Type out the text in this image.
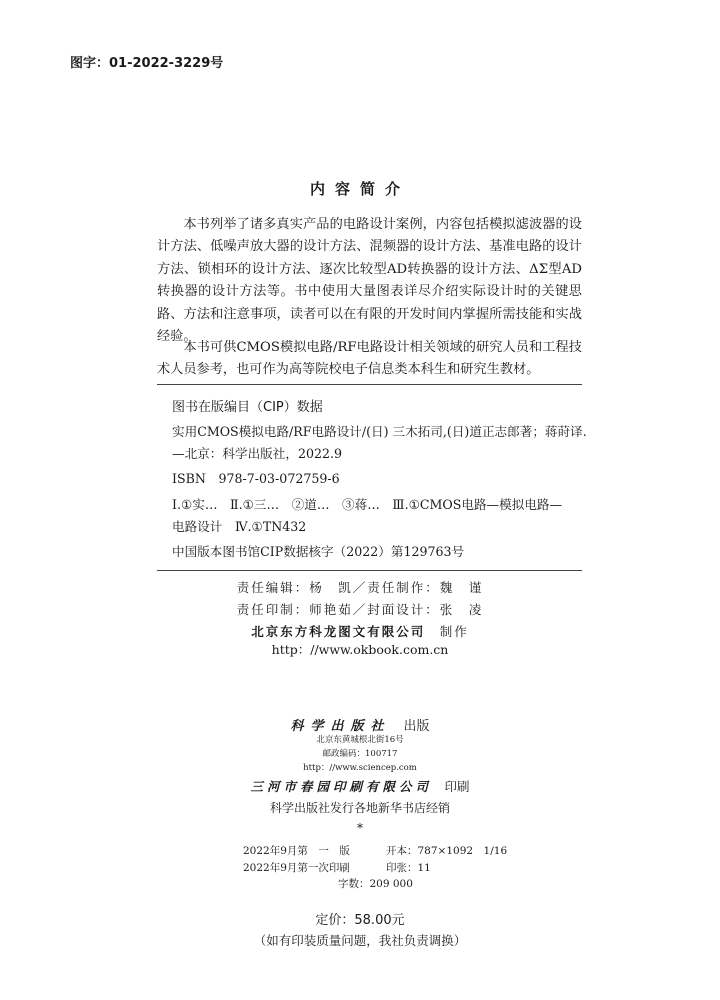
图字：01-2022-3229号
内容简介

本书列举了诸多真实产品的电路设计案例，内容包括模拟滤波器的设计方法、低噪声放大器的设计方法、混频器的设计方法、基准电路的设计方法、锁相环的设计方法、逐次比较型AD转换器的设计方法、ΔΣ型AD转换器的设计方法等。书中使用大量图表详尽介绍实际设计时的关键思路、方法和注意事项，读者可以在有限的开发时间内掌握所需技能和实战经验。

本书可供CMOS模拟电路/RF电路设计相关领域的研究人员和工程技术人员参考，也可作为高等院校电子信息类本科生和研究生教材。

图书在版编目（CIP）数据
实用CMOS模拟电路/RF电路设计/(日) 三木拓司,(日)道正志郎著；蒋莳译.
—北京：科学出版社，2022.9
ISBN　978-7-03-072759-6
Ⅰ.①实…　Ⅱ.①三…　②道…　③蒋…　Ⅲ.①CMOS电路—模拟电路—
电路设计　Ⅳ.①TN432
中国版本图书馆CIP数据核字（2022）第129763号
责任编辑：杨　凯／责任制作：魏　谨
责任印制：师艳茹／封面设计：张　凌
北京东方科龙图文有限公司　制作
http：//www.okbook.com.cn
科学出版社　出版
北京东黄城根北街16号
邮政编码：100717
http：//www.sciencep.com
三河市春园印刷有限公司　印刷
科学出版社发行各地新华书店经销
*
2022年9月第　一　版	开本：787×1092　1/16
2022年9月第一次印刷	印张：11
字数：209 000
定价：58.00元
（如有印装质量问题，我社负责调换）
